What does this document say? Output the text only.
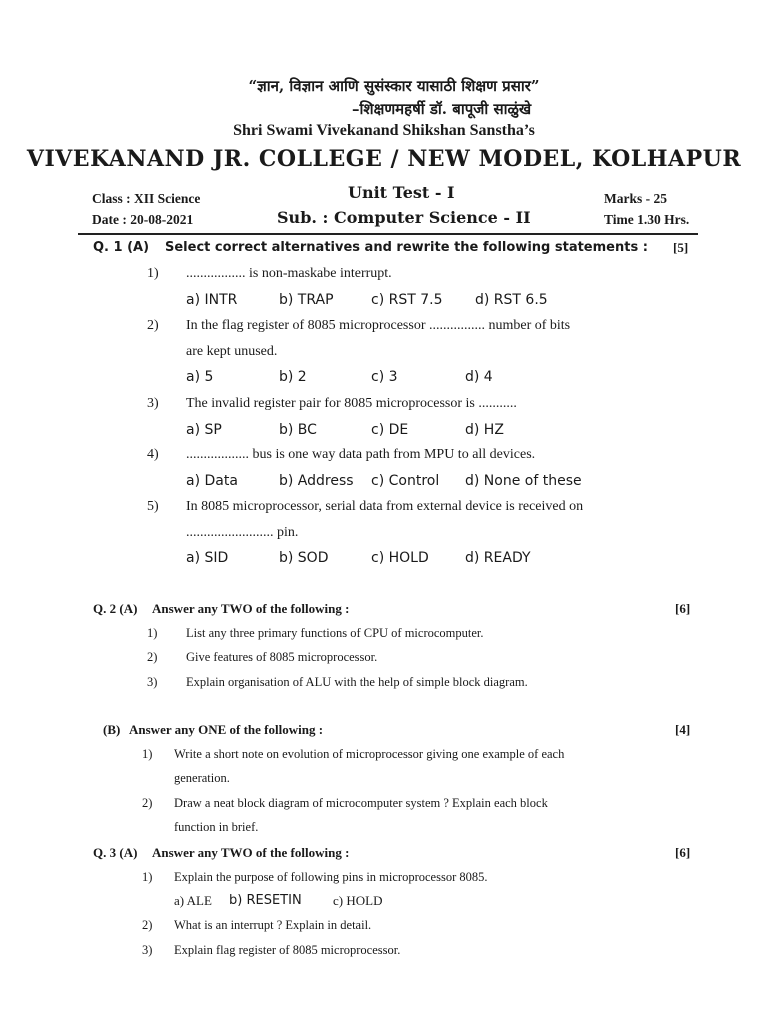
“ज्ञान, विज्ञान आणि सुसंस्कार यासाठी शिक्षण प्रसार”
–शिक्षणमहर्षी डॉ. बापूजी साळुंखे
Shri Swami Vivekanand Shikshan Sanstha’s
VIVEKANAND JR. COLLEGE / NEW MODEL, KOLHAPUR
Class : XII Science
Date : 20-08-2021
Unit Test - I
Sub. : Computer Science - II
Marks - 25
Time 1.30 Hrs.
Q. 1 (A) Select correct alternatives and rewrite the following statements : [5]
1) ................. is non-maskabe interrupt.
a) INTR	b) TRAP	c) RST 7.5 d) RST 6.5
2) In the flag register of 8085 microprocessor ................ number of bits
are kept unused.
a) 5	b) 2	c) 3	d) 4
3) The invalid register pair for 8085 microprocessor is ...........
a) SP	b) BC	c) DE	d) HZ
4) .................. bus is one way data path from MPU to all devices.
a) Data	b) Address c) Control d) None of these
5) In 8085 microprocessor, serial data from external device is received on
......................... pin.
a) SID	b) SOD	c) HOLD	d) READY
Q. 2 (A) Answer any TWO of the following :	[6]
1) List any three primary functions of CPU of microcomputer.
2) Give features of 8085 microprocessor.
3) Explain organisation of ALU with the help of simple block diagram.
(B) Answer any ONE of the following :	[4]
1) Write a short note on evolution of microprocessor giving one example of each
generation.
2) Draw a neat block diagram of microcomputer system ? Explain each block
function in brief.
Q. 3 (A) Answer any TWO of the following :	[6]
1) Explain the purpose of following pins in microprocessor 8085.
a) ALE b) RESETIN c) HOLD
2) What is an interrupt ? Explain in detail.
3) Explain flag register of 8085 microprocessor.
